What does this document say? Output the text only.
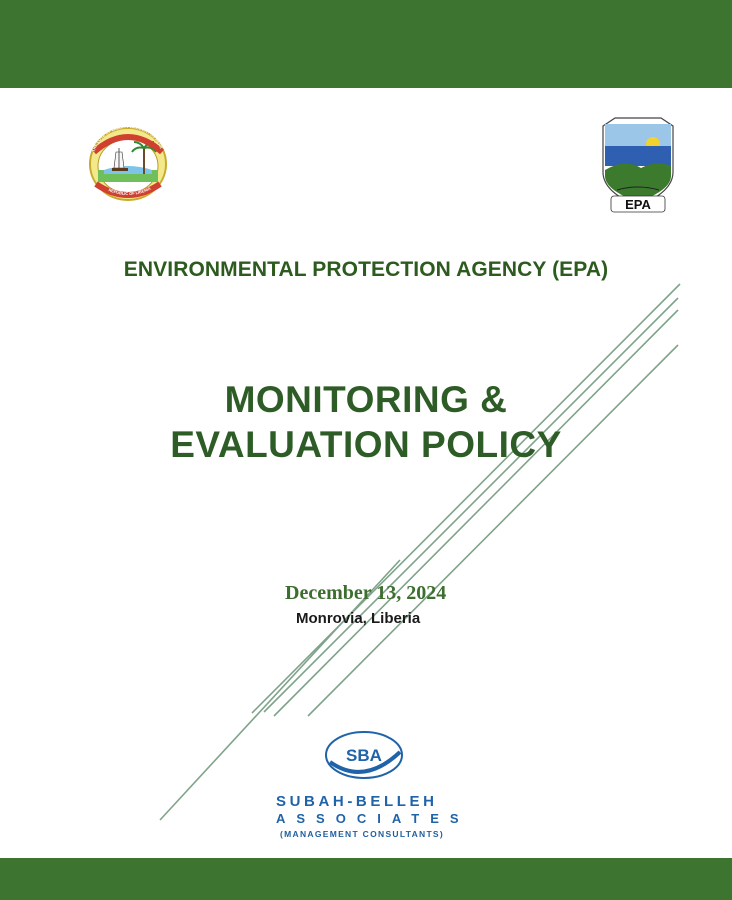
THE LOVE OF LIBERTY BROUGHT US HERE
REPUBLIC OF LIBERIA
EPA
ENVIRONMENTAL PROTECTION AGENCY (EPA)
MONITORING &
EVALUATION POLICY
December 13, 2024
Monrovia, Liberia
SBA
SUBAH-BELLEH
ASSOCIATES
(MANAGEMENT CONSULTANTS)
